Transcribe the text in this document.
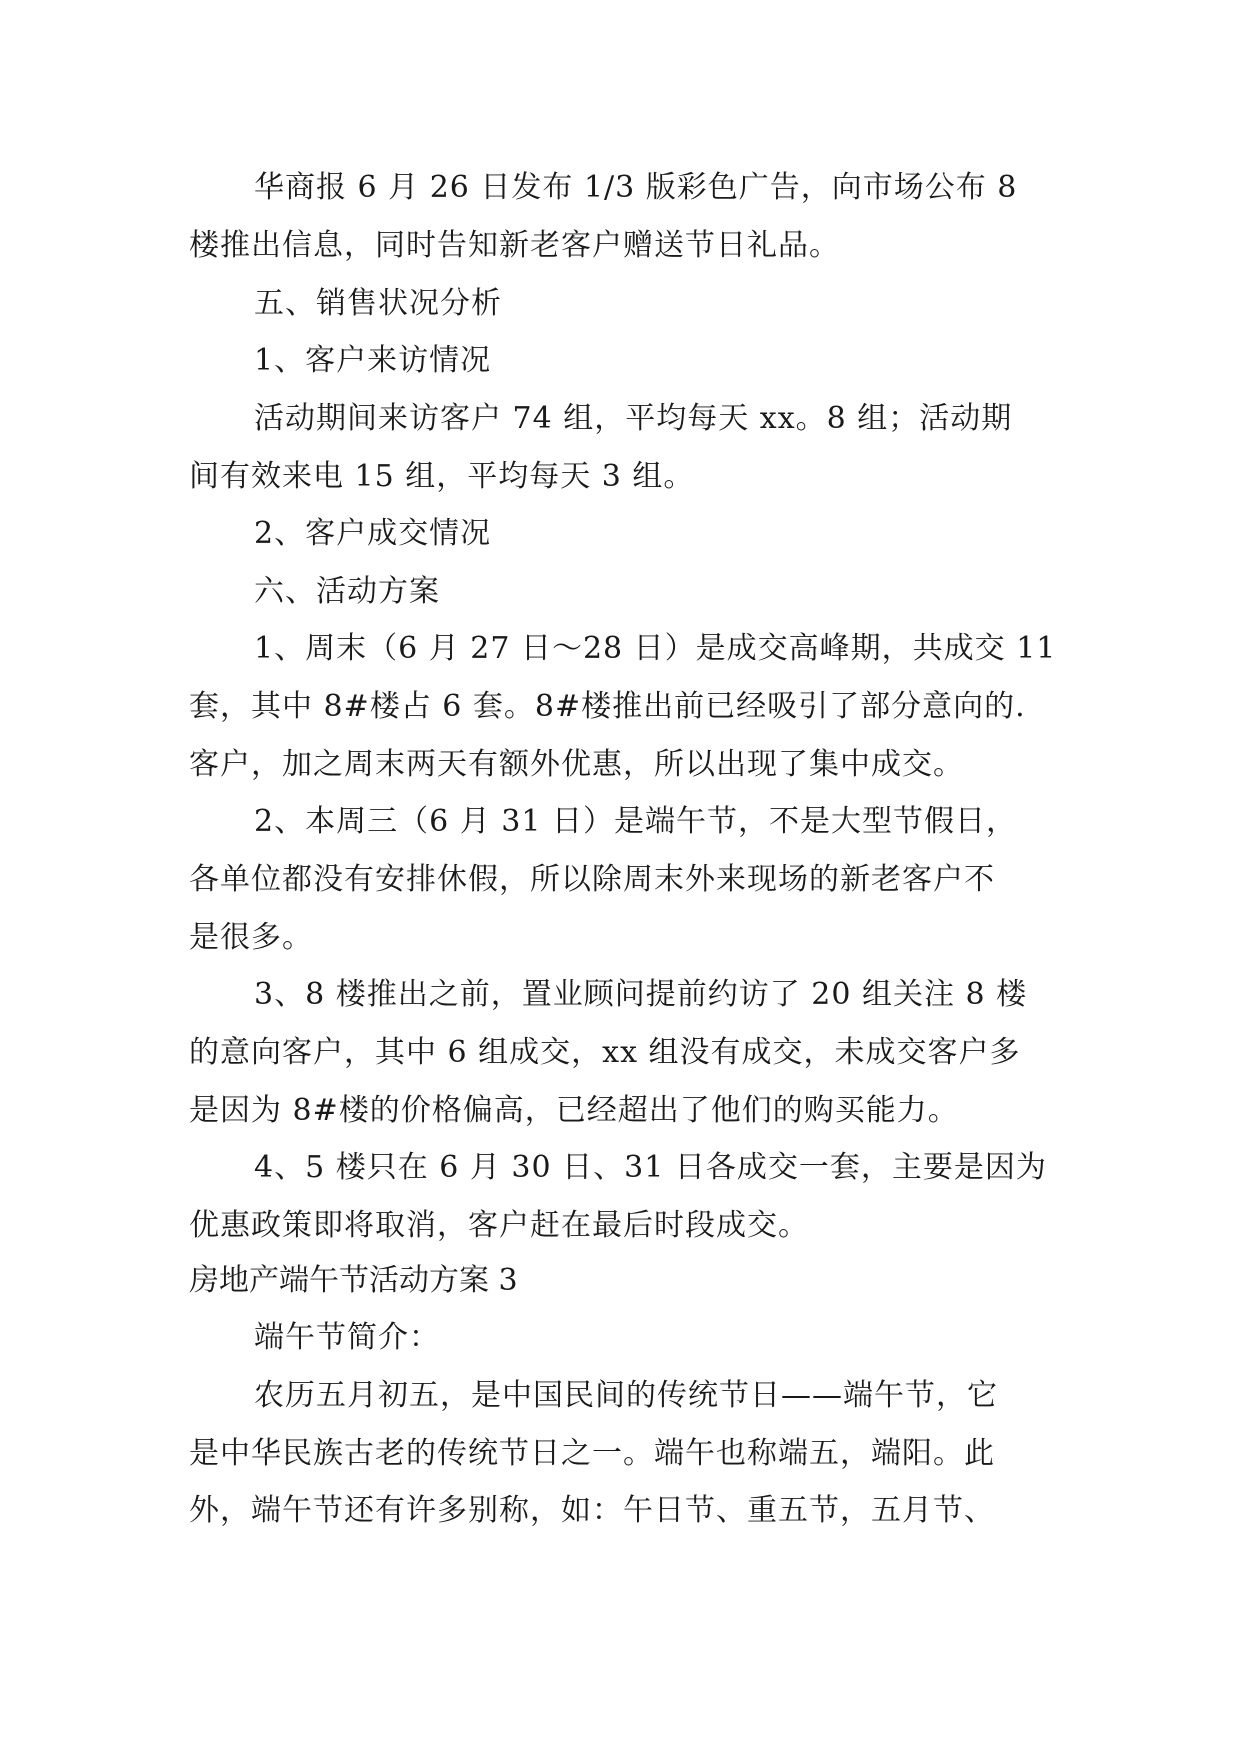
华商报 6 月 26 日发布 1/3 版彩色广告，向市场公布 8

楼推出信息，同时告知新老客户赠送节日礼品。

五、销售状况分析

1、客户来访情况

活动期间来访客户 74 组，平均每天 xx。8 组；活动期

间有效来电 15 组，平均每天 3 组。

2、客户成交情况

六、活动方案

1、周末（6 月 27 日～28 日）是成交高峰期，共成交 11

套，其中 8#楼占 6 套。8#楼推出前已经吸引了部分意向的.

客户，加之周末两天有额外优惠，所以出现了集中成交。

2、本周三（6 月 31 日）是端午节，不是大型节假日，

各单位都没有安排休假，所以除周末外来现场的新老客户不

是很多。

3、8 楼推出之前，置业顾问提前约访了 20 组关注 8 楼

的意向客户，其中 6 组成交，xx 组没有成交，未成交客户多

是因为 8#楼的价格偏高，已经超出了他们的购买能力。

4、5 楼只在 6 月 30 日、31 日各成交一套，主要是因为

优惠政策即将取消，客户赶在最后时段成交。

房地产端午节活动方案 3

端午节简介：

农历五月初五，是中国民间的传统节日——端午节，它

是中华民族古老的传统节日之一。端午也称端五，端阳。此

外，端午节还有许多别称，如：午日节、重五节，五月节、
